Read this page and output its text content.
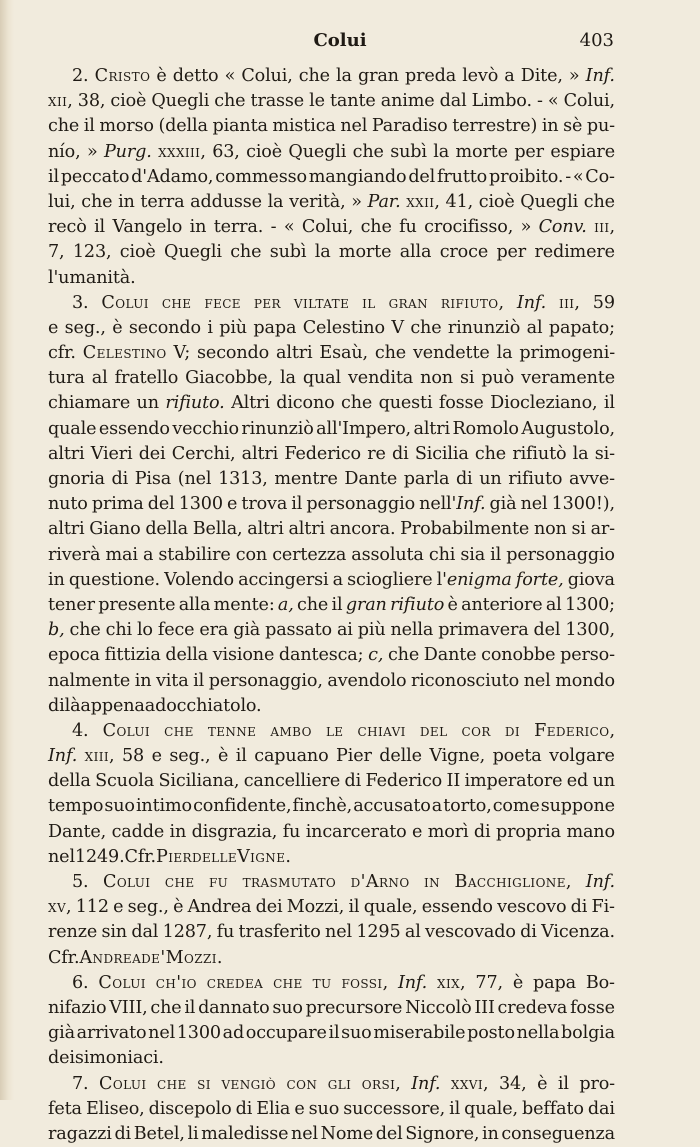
Colui	403
2. Cristo è detto « Colui, che la gran preda levò a Dite, » Inf.
xii, 38, cioè Quegli che trasse le tante anime dal Limbo. - « Colui,
che il morso (della pianta mistica nel Paradiso terrestre) in sè pu-
nío, » Purg. xxxiii, 63, cioè Quegli che subì la morte per espiare
il peccato d'Adamo, commesso mangiando del frutto proibito. - « Co-
lui, che in terra addusse la verità, » Par. xxii, 41, cioè Quegli che
recò il Vangelo in terra. - « Colui, che fu crocifisso, » Conv. iii,
7, 123, cioè Quegli che subì la morte alla croce per redimere
l'umanità.
3. Colui che fece per viltate il gran rifiuto, Inf. iii, 59
e seg., è secondo i più papa Celestino V che rinunziò al papato;
cfr. Celestino V; secondo altri Esaù, che vendette la primogeni-
tura al fratello Giacobbe, la qual vendita non si può veramente
chiamare un rifiuto. Altri dicono che questi fosse Diocleziano, il
quale essendo vecchio rinunziò all'Impero, altri Romolo Augustolo,
altri Vieri dei Cerchi, altri Federico re di Sicilia che rifiutò la si-
gnoria di Pisa (nel 1313, mentre Dante parla di un rifiuto avve-
nuto prima del 1300 e trova il personaggio nell'Inf. già nel 1300!),
altri Giano della Bella, altri altri ancora. Probabilmente non si ar-
riverà mai a stabilire con certezza assoluta chi sia il personaggio
in questione. Volendo accingersi a sciogliere l'enigma forte, giova
tener presente alla mente: a, che il gran rifiuto è anteriore al 1300;
b, che chi lo fece era già passato ai più nella primavera del 1300,
epoca fittizia della visione dantesca; c, che Dante conobbe perso-
nalmente in vita il personaggio, avendolo riconosciuto nel mondo
di là appena adocchiatolo.
4. Colui che tenne ambo le chiavi del cor di Federico,
Inf. xiii, 58 e seg., è il capuano Pier delle Vigne, poeta volgare
della Scuola Siciliana, cancelliere di Federico II imperatore ed un
tempo suo intimo confidente, finchè, accusato a torto, come suppone
Dante, cadde in disgrazia, fu incarcerato e morì di propria mano
nel 1249. Cfr. Pier delle Vigne.
5. Colui che fu trasmutato d'Arno in Bacchiglione, Inf.
xv, 112 e seg., è Andrea dei Mozzi, il quale, essendo vescovo di Fi-
renze sin dal 1287, fu trasferito nel 1295 al vescovado di Vicenza.
Cfr. Andrea de' Mozzi.
6. Colui ch'io credea che tu fossi, Inf. xix, 77, è papa Bo-
nifazio VIII, che il dannato suo precursore Niccolò III credeva fosse
già arrivato nel 1300 ad occupare il suo miserabile posto nella bolgia
dei simoniaci.
7. Colui che si vengiò con gli orsi, Inf. xxvi, 34, è il pro-
feta Eliseo, discepolo di Elia e suo successore, il quale, beffato dai
ragazzi di Betel, li maledisse nel Nome del Signore, in conseguenza
